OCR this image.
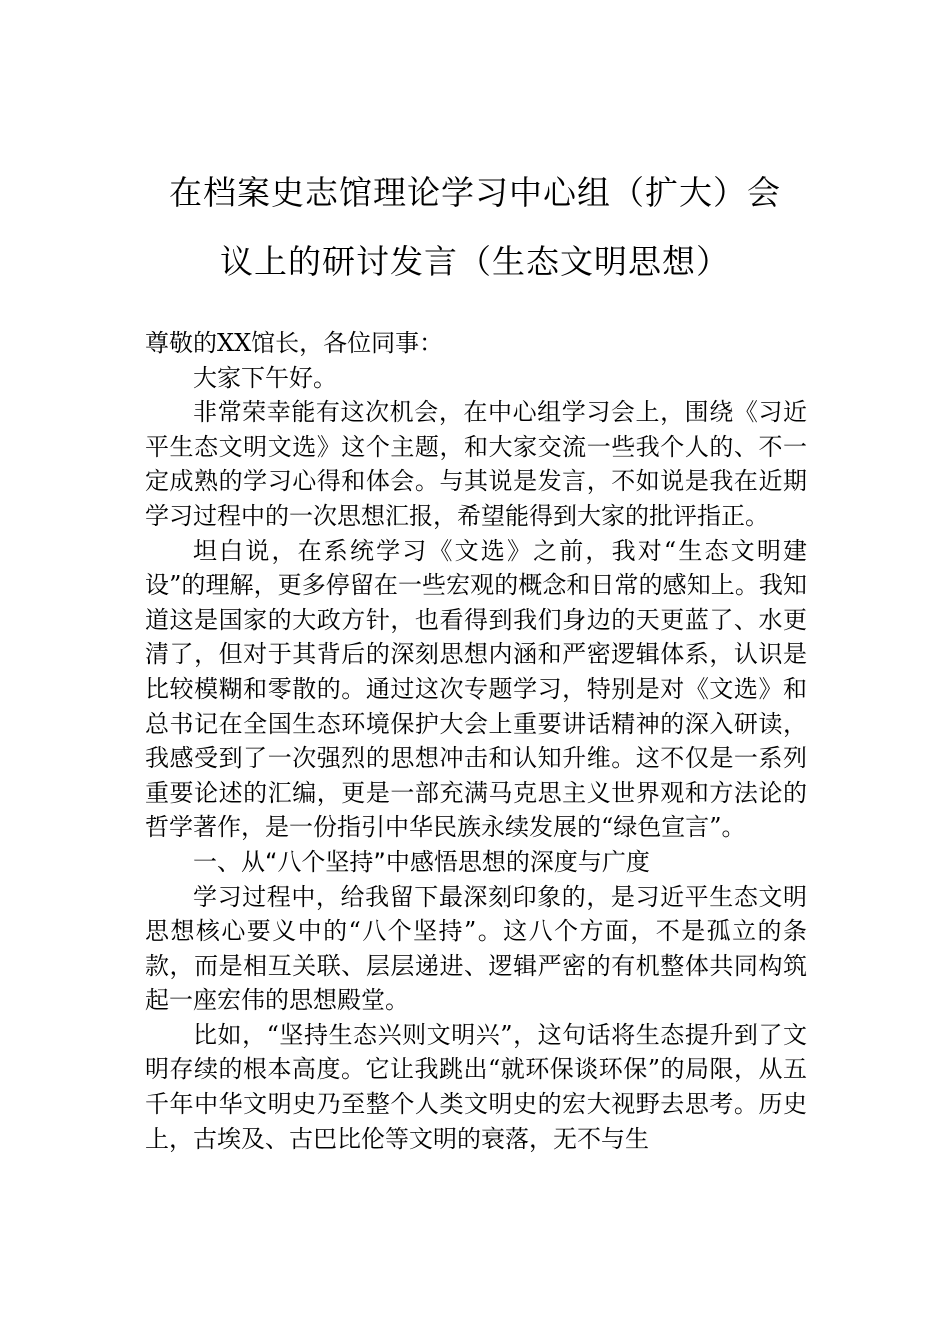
在档案史志馆理论学习中心组（扩大）会
议上的研讨发言（生态文明思想）

尊敬的XX馆长，各位同事：

大家下午好。

非常荣幸能有这次机会，在中心组学习会上，围绕《习近平生态文明文选》这个主题，和大家交流一些我个人的、不一定成熟的学习心得和体会。与其说是发言，不如说是我在近期学习过程中的一次思想汇报，希望能得到大家的批评指正。

坦白说，在系统学习《文选》之前，我对“生态文明建设”的理解，更多停留在一些宏观的概念和日常的感知上。我知道这是国家的大政方针，也看得到我们身边的天更蓝了、水更清了，但对于其背后的深刻思想内涵和严密逻辑体系，认识是比较模糊和零散的。通过这次专题学习，特别是对《文选》和总书记在全国生态环境保护大会上重要讲话精神的深入研读，我感受到了一次强烈的思想冲击和认知升维。这不仅是一系列重要论述的汇编，更是一部充满马克思主义世界观和方法论的哲学著作，是一份指引中华民族永续发展的“绿色宣言”。

一、从“八个坚持”中感悟思想的深度与广度

学习过程中，给我留下最深刻印象的，是习近平生态文明思想核心要义中的“八个坚持”。这八个方面，不是孤立的条款，而是相互关联、层层递进、逻辑严密的有机整体共同构筑起一座宏伟的思想殿堂。

比如，“坚持生态兴则文明兴”，这句话将生态提升到了文明存续的根本高度。它让我跳出“就环保谈环保”的局限，从五千年中华文明史乃至整个人类文明史的宏大视野去思考。历史上，古埃及、古巴比伦等文明的衰落，无不与生
